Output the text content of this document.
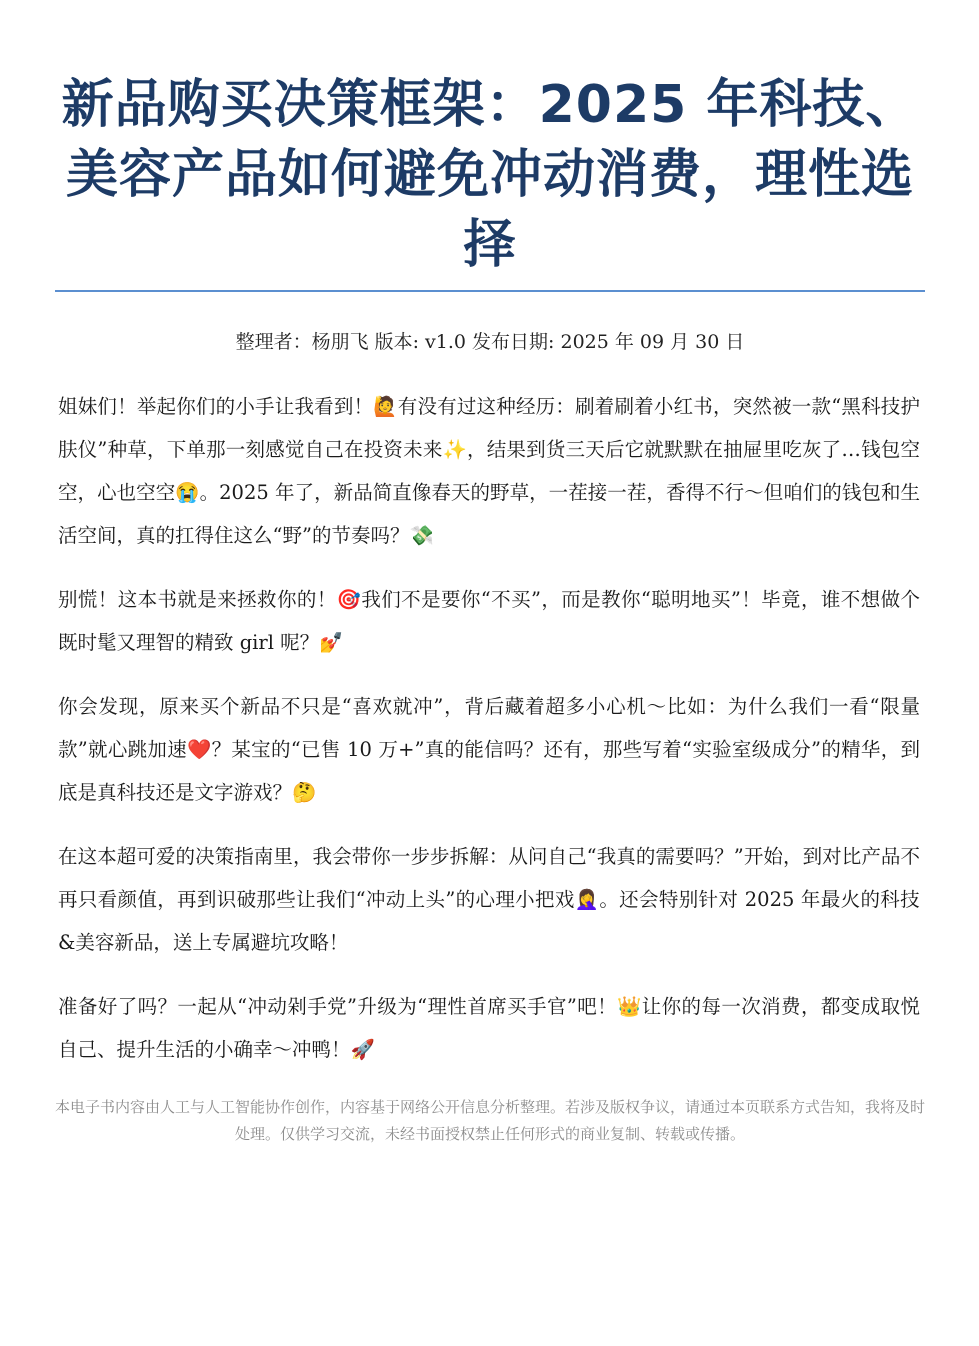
新品购买决策框架：2025 年科技、美容产品如何避免冲动消费，理性选择
整理者：杨朋飞 版本: v1.0 发布日期: 2025 年 09 月 30 日

姐妹们！举起你们的小手让我看到！🙋有没有过这种经历：刷着刷着小红书，突然被一款“黑科技护肤仪”种草，下单那一刻感觉自己在投资未来✨，结果到货三天后它就默默在抽屉里吃灰了…钱包空空，心也空空😭。2025 年了，新品简直像春天的野草，一茬接一茬，香得不行～但咱们的钱包和生活空间，真的扛得住这么“野”的节奏吗？💸

别慌！这本书就是来拯救你的！🎯我们不是要你“不买”，而是教你“聪明地买”！毕竟，谁不想做个既时髦又理智的精致 girl 呢？💅

你会发现，原来买个新品不只是“喜欢就冲”，背后藏着超多小心机～比如：为什么我们一看“限量款”就心跳加速❤️？某宝的“已售 10 万+”真的能信吗？还有，那些写着“实验室级成分”的精华，到底是真科技还是文字游戏？🤔

在这本超可爱的决策指南里，我会带你一步步拆解：从问自己“我真的需要吗？”开始，到对比产品不再只看颜值，再到识破那些让我们“冲动上头”的心理小把戏🤦‍♀️。还会特别针对 2025 年最火的科技&美容新品，送上专属避坑攻略！

准备好了吗？一起从“冲动剁手党”升级为“理性首席买手官”吧！👑让你的每一次消费，都变成取悦自己、提升生活的小确幸～冲鸭！🚀

本电子书内容由人工与人工智能协作创作，内容基于网络公开信息分析整理。若涉及版权争议，请通过本页联系方式告知，我将及时处理。仅供学习交流，未经书面授权禁止任何形式的商业复制、转载或传播。
